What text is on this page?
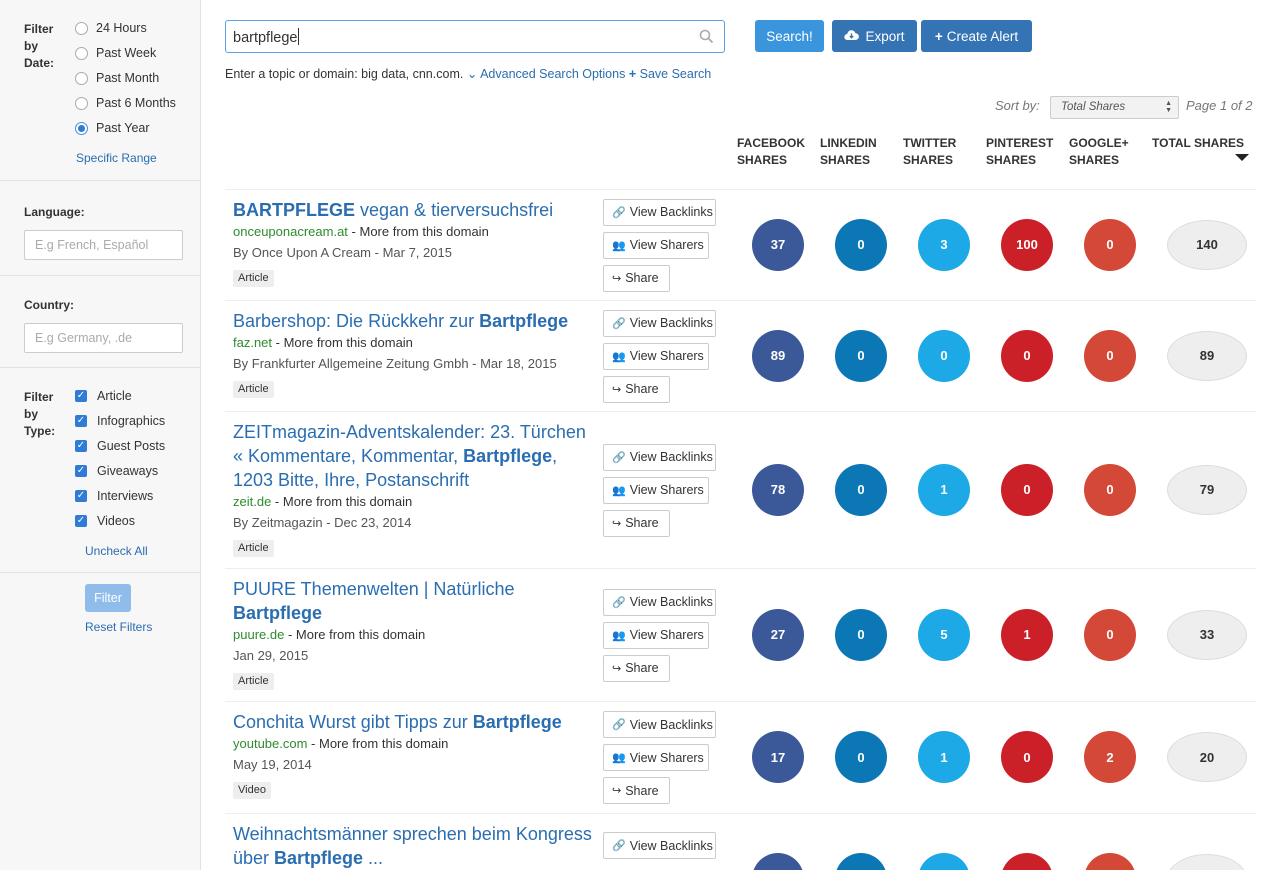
Filter
by
Date:
24 Hours
Past Week
Past Month
Past 6 Months
Past Year
Specific Range
Language:
E.g French, Español
Country:
E.g Germany, .de
Filter
by
Type:
✓ Article
✓ Infographics
✓ Guest Posts
✓ Giveaways
✓ Interviews
✓ Videos
Uncheck All
Filter
Reset Filters
bartpflege	Search!	Export + Create Alert
Enter a topic or domain: big data, cnn.com. ⌄ Advanced Search Options + Save Search
Sort by:	Total Shares	▲
▼ Page 1 of 2
FACEBOOK
SHARES
LINKEDIN
SHARES
TWITTER
SHARES
PINTEREST
SHARES
GOOGLE+
SHARES
TOTAL SHARES
BARTPFLEGE vegan & tierversuchsfrei
onceuponacream.at - More from this domain
By Once Upon A Cream - Mar 7, 2015
Article
🔗 View Backlinks
👥 View Sharers
↪ Share
37	0	3	100	0	140
Barbershop: Die Rückkehr zur Bartpflege
faz.net - More from this domain
By Frankfurter Allgemeine Zeitung Gmbh - Mar 18, 2015
Article
🔗 View Backlinks
👥 View Sharers
↪ Share
89	0	0	0	0	89
ZEITmagazin-Adventskalender: 23. Türchen « Kommentare, Kommentar, Bartpflege, 1203 Bitte, Ihre, Postanschrift
zeit.de - More from this domain
By Zeitmagazin - Dec 23, 2014
Article
🔗 View Backlinks
👥 View Sharers
↪ Share
78	0	1	0	0	79
PUURE Themenwelten | Natürliche Bartpflege
puure.de - More from this domain
Jan 29, 2015
Article
🔗 View Backlinks
👥 View Sharers
↪ Share
27	0	5	1	0	33
Conchita Wurst gibt Tipps zur Bartpflege
youtube.com - More from this domain
May 19, 2014
Video
🔗 View Backlinks
👥 View Sharers
↪ Share
17	0	1	0	2	20
Weihnachtsmänner sprechen beim Kongress über Bartpflege ...
🔗 View Backlinks
